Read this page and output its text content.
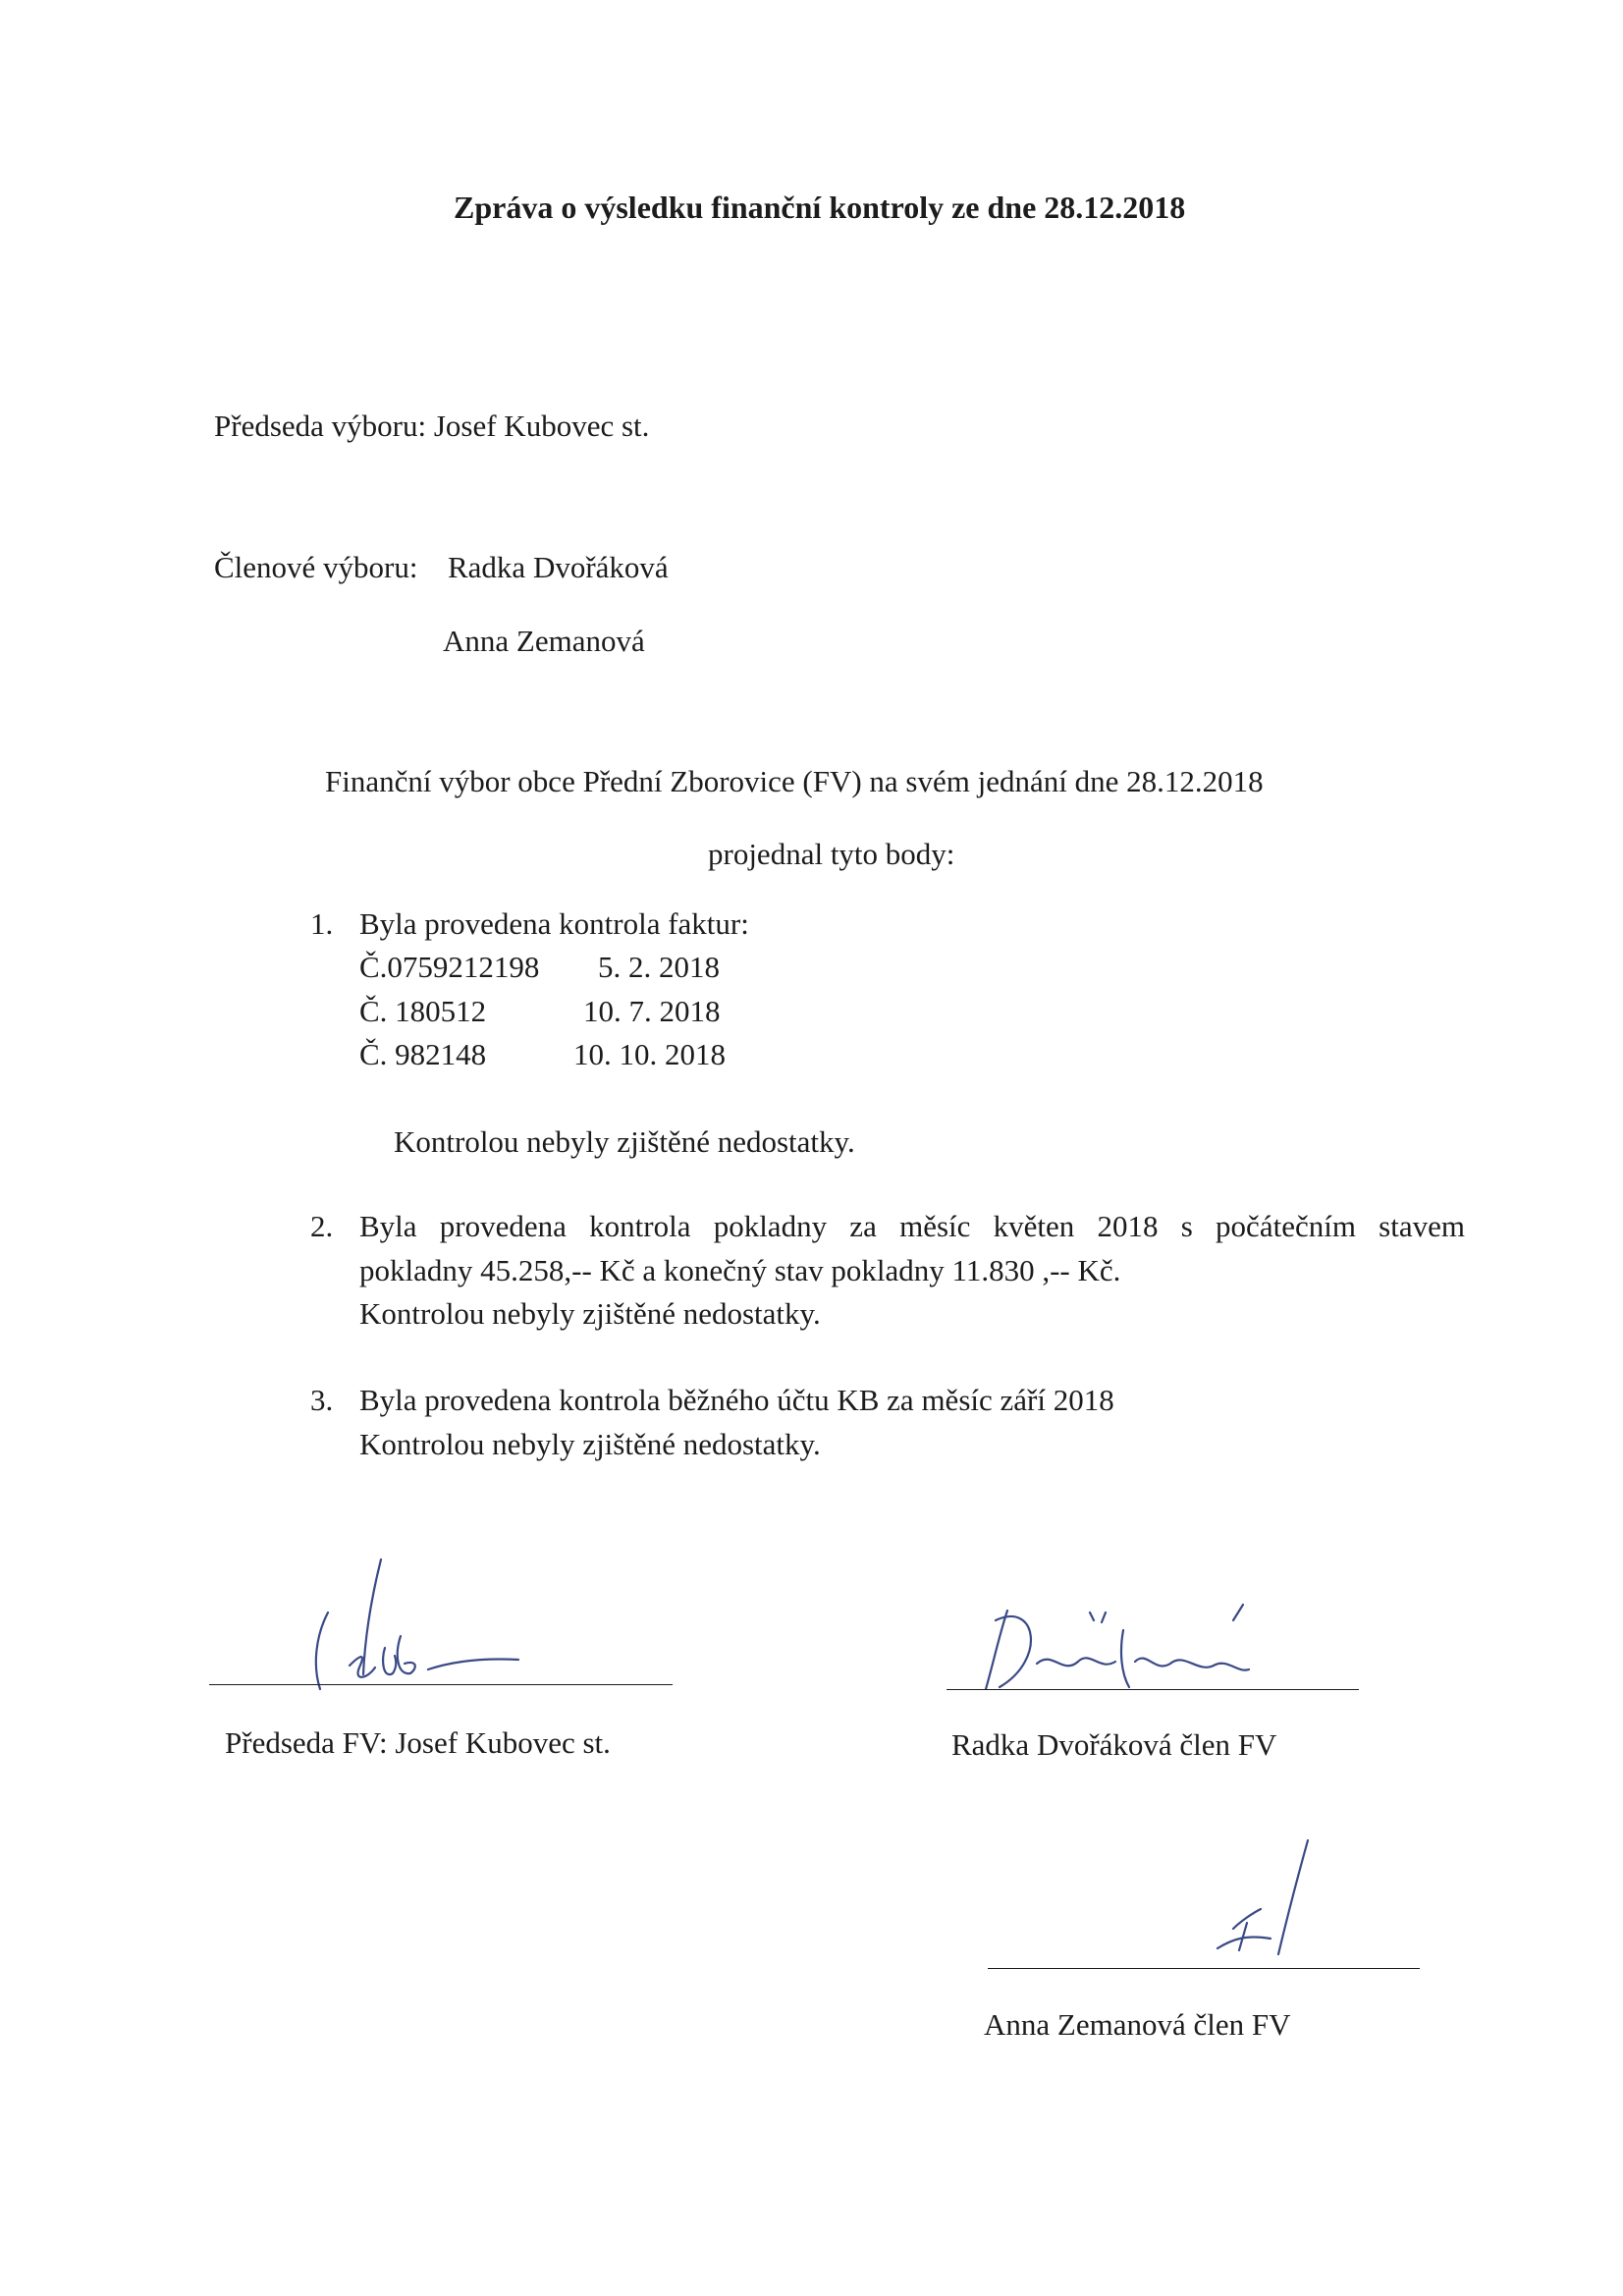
Zpráva o výsledku finanční kontroly ze dne 28.12.2018
Předseda výboru: Josef Kubovec st.
Členové výboru: Radka Dvořáková
Anna Zemanová
Finanční výbor obce Přední Zborovice (FV) na svém jednání dne 28.12.2018
projednal tyto body:
1. Byla provedena kontrola faktur:
Č.0759212198 5. 2. 2018
Č. 180512	10. 7. 2018
Č. 982148	10. 10. 2018
Kontrolou nebyly zjištěné nedostatky.
2. Byla provedena kontrola pokladny za měsíc květen 2018 s počátečním stavem
pokladny 45.258,-- Kč a konečný stav pokladny 11.830 ,-- Kč.
Kontrolou nebyly zjištěné nedostatky.
3. Byla provedena kontrola běžného účtu KB za měsíc září 2018
Kontrolou nebyly zjištěné nedostatky.
Předseda FV: Josef Kubovec st.	Radka Dvořáková člen FV
Anna Zemanová člen FV
